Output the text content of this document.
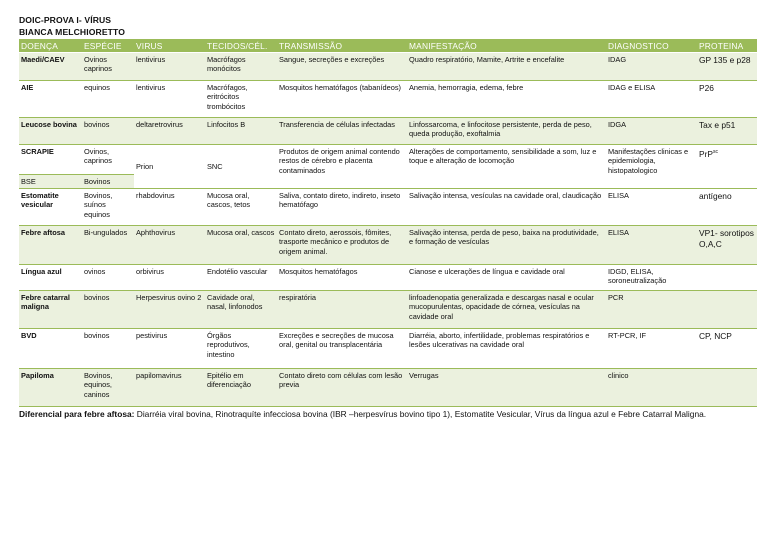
DOIC-PROVA I- VÍRUS
BIANCA MELCHIORETTO
DOENÇA	ESPÉCIE	VIRUS	TECIDOS/CÉL.	TRANSMISSÃO	MANIFESTAÇÃO	DIAGNOSTICO	PROTEINA
Maedi/CAEV	Ovinos caprinos	lentivirus	Macrófagos monócitos	Sangue, secreções e excreções	Quadro respiratório, Mamite, Artrite e encefalite	IDAG	GP 135 e p28
AIE	equinos	lentivirus	Macrófagos, eritrócitos trombócitos	Mosquitos hematófagos (tabanídeos)	Anemia, hemorragia, edema, febre	IDAG e ELISA	P26
Leucose bovina	bovinos	deltaretrovirus	Linfocitos B	Transferencia de células infectadas	Linfossarcoma, e linfocitose persistente, perda de peso, queda produção, exoftalmia	IDGA	Tax e p51
SCRAPIE	Ovinos, caprinos	Prion	SNC	Produtos de origem animal contendo restos de cérebro e placenta contaminados	Alterações de comportamento, sensibilidade a som, luz e toque e alteração de locomoção	Manifestações clinicas e epidemiologia, histopatologico	PrP$^{sc}$
BSE	Bovinos						
Estomatite vesicular	Bovinos, suínos equinos	rhabdovirus	Mucosa oral, cascos, tetos	Saliva, contato direto, indireto, inseto hematófago	Salivação intensa, vesículas na cavidade oral, claudicação	ELISA	antígeno
Febre aftosa	Bi-ungulados	Aphthovirus	Mucosa oral, cascos	Contato direto, aerossois, fômites, trasporte mecânico e produtos de origem animal.	Salivação intensa, perda de peso, baixa na produtividade, e formação de vesículas	ELISA	VP1- sorotipos O,A,C
Língua azul	ovinos	orbivirus	Endotélio vascular	Mosquitos hematófagos	Cianose e ulcerações de língua e cavidade oral	IDGD, ELISA, soroneutralização	
Febre catarral maligna	bovinos	Herpesvirus ovino 2	Cavidade oral, nasal, linfonodos	respiratória	linfoadenopatia generalizada e descargas nasal e ocular mucopurulentas, opacidade de córnea, vesículas na cavidade oral	PCR	
BVD	bovinos	pestivirus	Órgãos reprodutivos, intestino	Excreções e secreções de mucosa oral, genital ou transplacentária	Diarréia, aborto, infertilidade, problemas respiratórios e lesões ulcerativas na cavidade oral	RT-PCR, IF	CP, NCP
Papiloma	Bovinos, equinos, caninos	papilomavirus	Epitélio em diferenciação	Contato direto com células com lesão previa	Verrugas	clinico	
Diferencial para febre aftosa: Diarréia viral bovina, Rinotraquíte infecciosa bovina (IBR –herpesvírus bovino tipo 1), Estomatite Vesicular, Vírus da língua azul e Febre Catarral Maligna.
